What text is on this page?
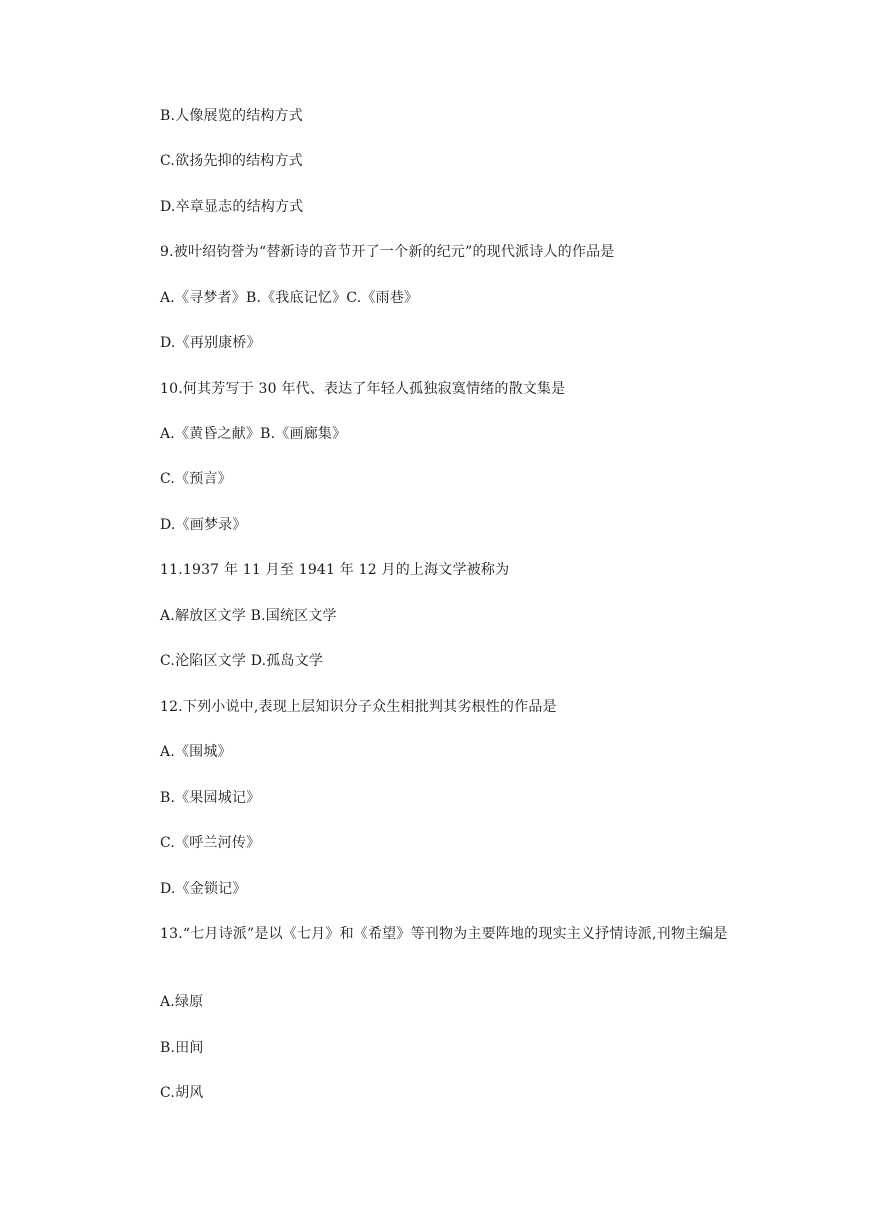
B.人像展览的结构方式
C.欲扬先抑的结构方式
D.卒章显志的结构方式
9.被叶绍钧誉为“替新诗的音节开了一个新的纪元”的现代派诗人的作品是
A.《寻梦者》B.《我底记忆》C.《雨巷》
D.《再别康桥》
10.何其芳写于 30 年代、表达了年轻人孤独寂寞情绪的散文集是
A.《黄昏之献》B.《画廊集》
C.《预言》
D.《画梦录》
11.1937 年 11 月至 1941 年 12 月的上海文学被称为
A.解放区文学 B.国统区文学
C.沦陷区文学 D.孤岛文学
12.下列小说中,表现上层知识分子众生相批判其劣根性的作品是
A.《围城》
B.《果园城记》
C.《呼兰河传》
D.《金锁记》
13.“七月诗派”是以《七月》和《希望》等刊物为主要阵地的现实主义抒情诗派,刊物主编是
A.绿原
B.田间
C.胡风
